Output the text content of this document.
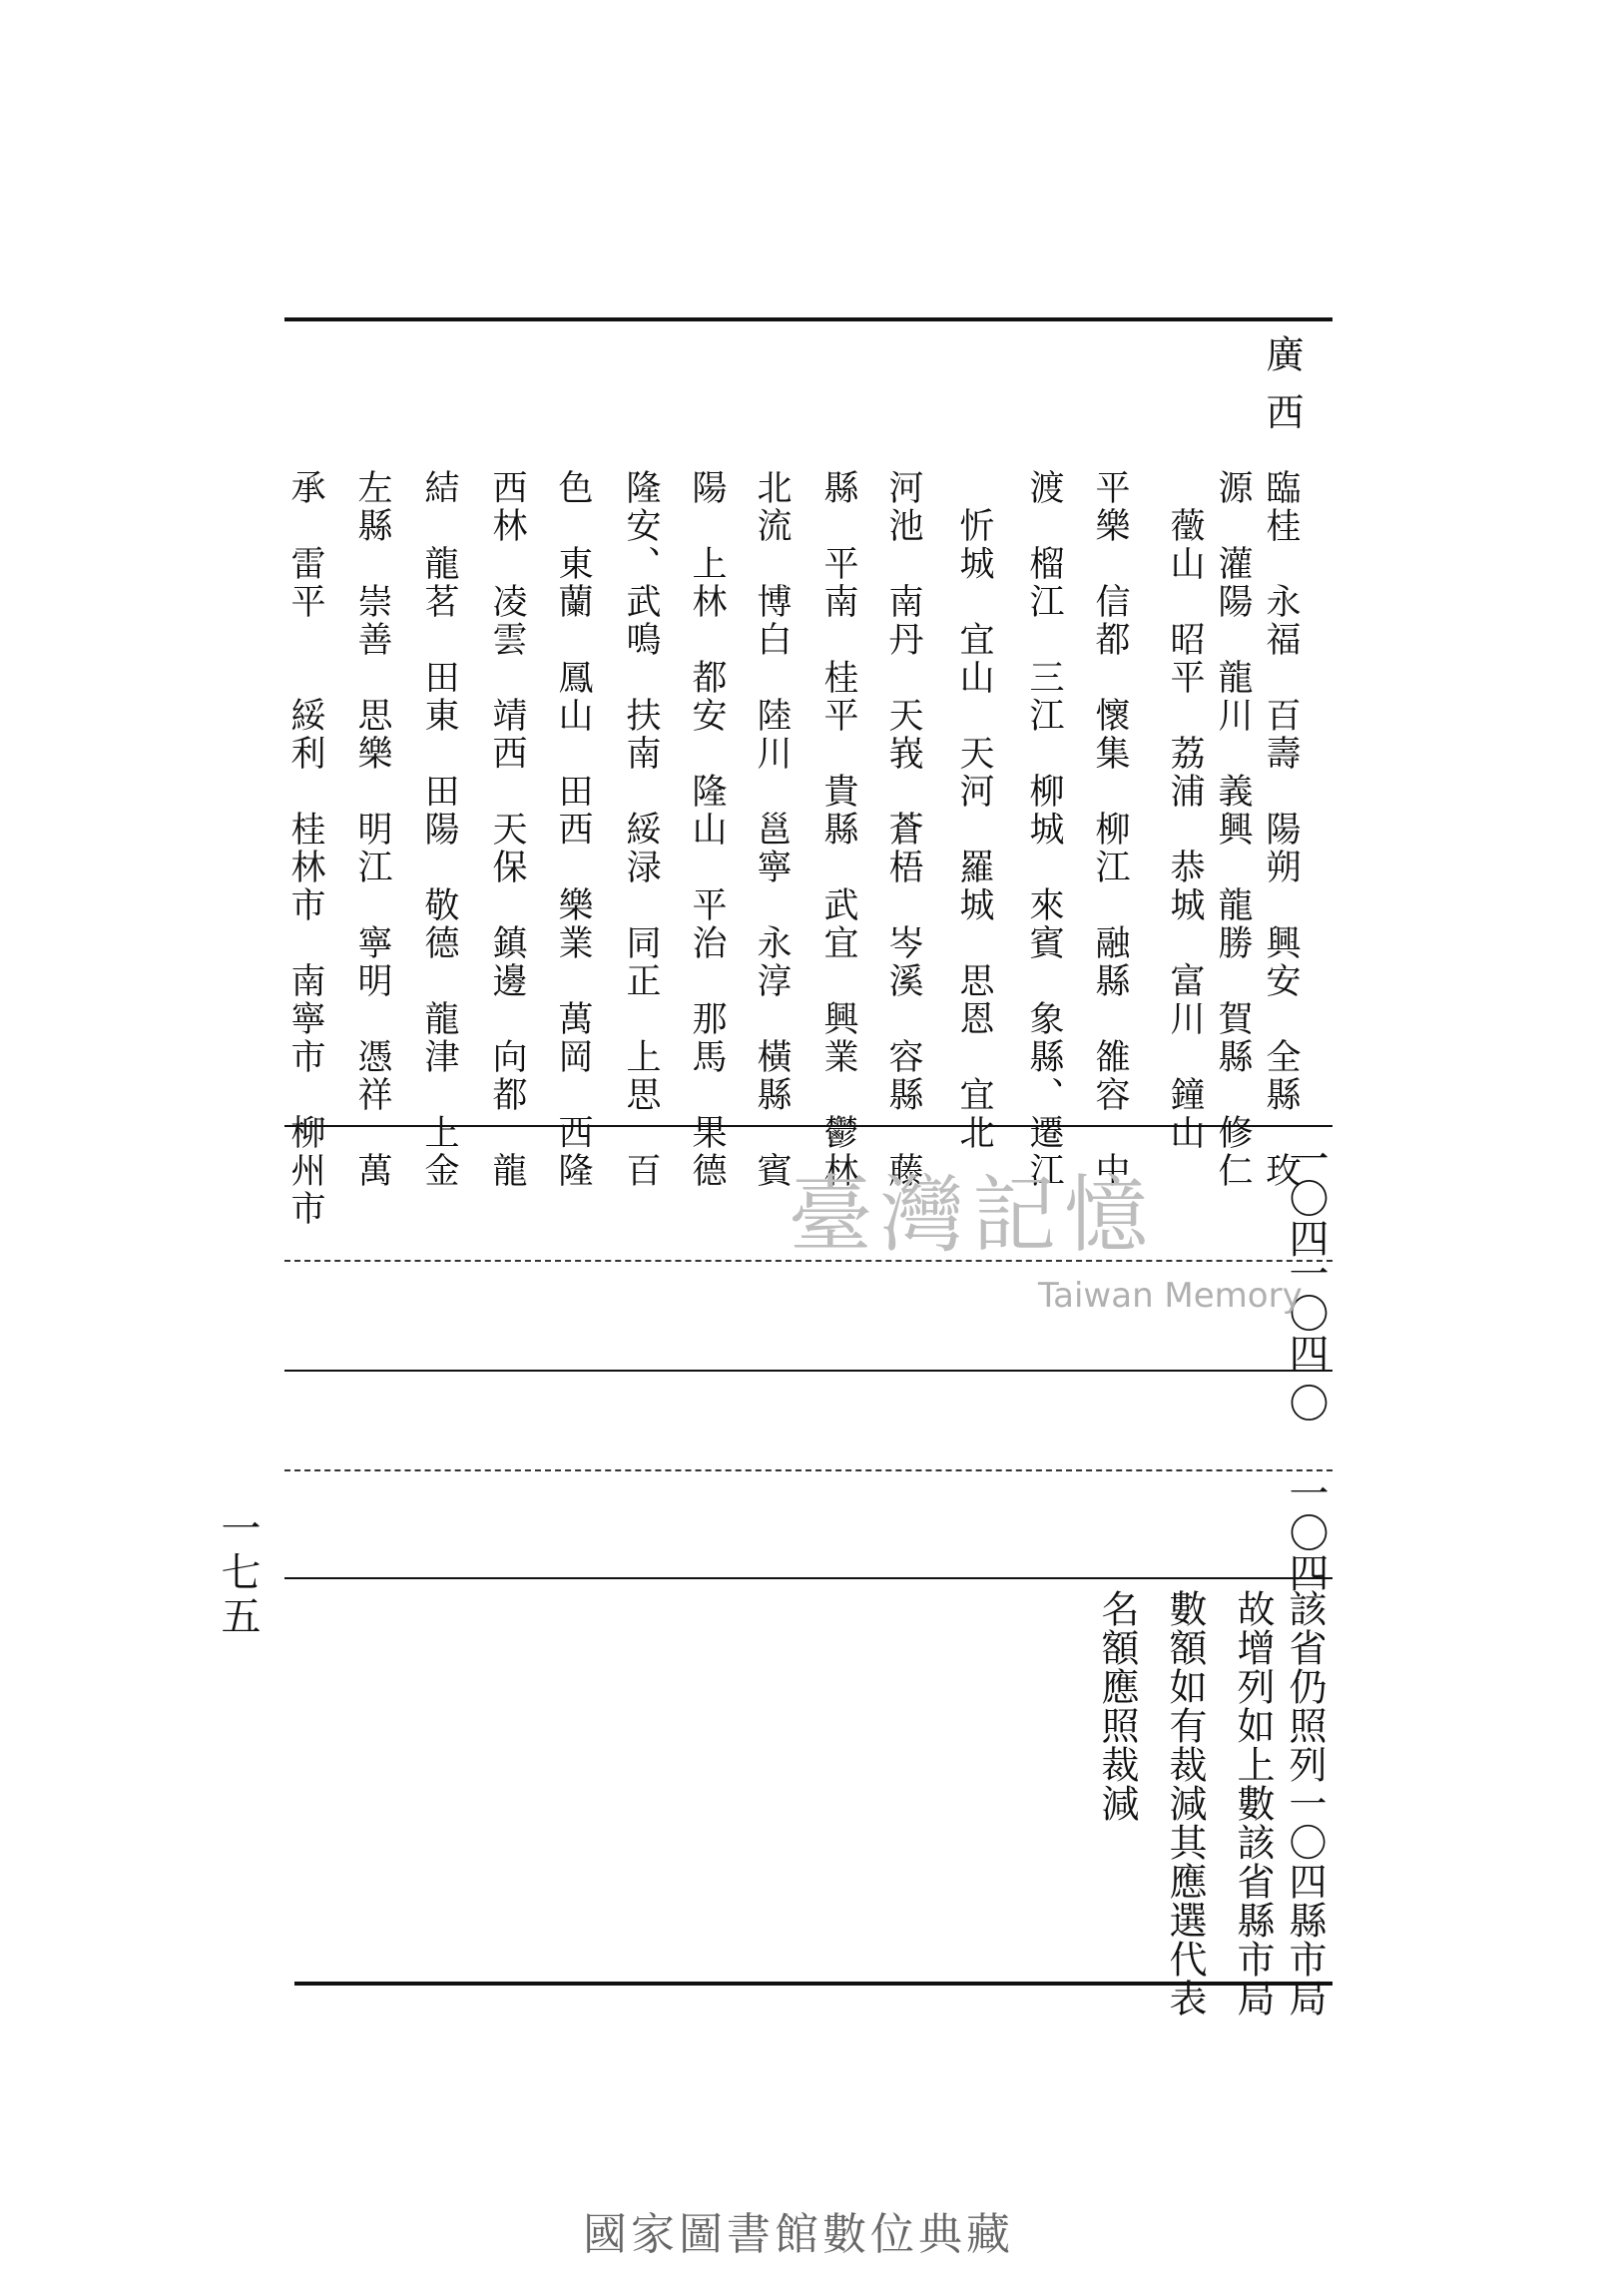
廣西
臨桂　永福　百壽　陽朔　興安　全縣　玫
源　灌陽　龍川　義興　龍勝　賀縣　修仁
　藢山　昭平　荔浦　恭城　富川　鐘山
平樂　信都　懷集　柳江　融縣　雒容　中
渡　榴江　三江　柳城　來賓　象縣、遷江
　忻城　宜山　天河　羅城　思恩　宜北
河池　南丹　天峩　蒼梧　岑溪　容縣　藤
縣　平南　桂平　貴縣　武宜　興業　鬱林
北流　博白　陸川　邕寧　永淳　橫縣　賓
陽　上林　都安　隆山　平治　那馬　果德
隆安、武鳴　扶南　綏渌　同正　上思　百
色　東蘭　鳳山　田西　樂業　萬岡　西隆
西林　凌雲　靖西　天保　鎮邊　向都　龍
結　龍茗　田東　田陽　敬德　龍津　上金
左縣　崇善　思樂　明江　寧明　憑祥　萬
承　雷平　　綏利　桂林市　南寧市　柳州市	一〇四
一〇四
〇
一〇四
該省仍照列一〇四縣市局
故增列如上數該省縣市局
數額如有裁減其應選代表
名額應照裁減
一七五
臺灣記憶
Taiwan Memory
國家圖書館數位典藏
